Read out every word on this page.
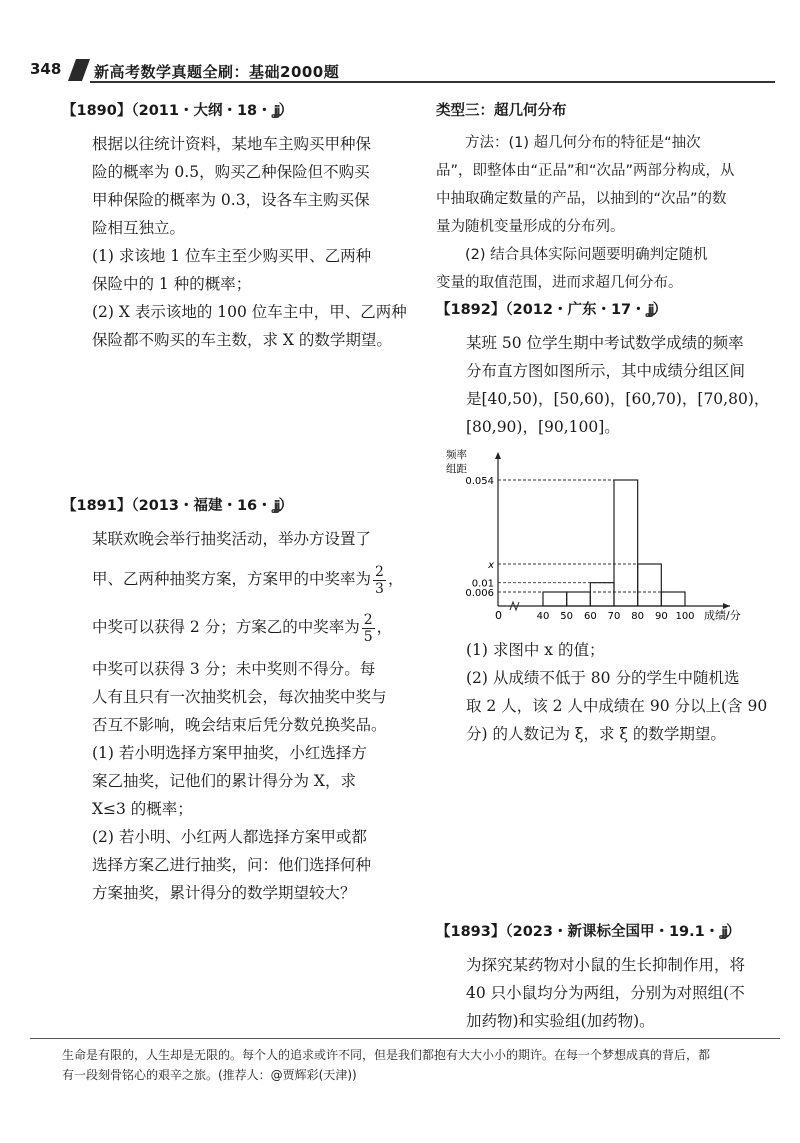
348 新高考数学真题全刷：基础2000题

【1890】（2011・大纲・18・ ʝʝ）

根据以往统计资料，某地车主购买甲种保

险的概率为 0.5，购买乙种保险但不购买

甲种保险的概率为 0.3，设各车主购买保

险相互独立。

(1) 求该地 1 位车主至少购买甲、乙两种

保险中的 1 种的概率；

(2) X 表示该地的 100 位车主中，甲、乙两种

保险都不购买的车主数，求 X 的数学期望。

【1891】（2013・福建・16・ ʝʝ）

某联欢晚会举行抽奖活动，举办方设置了

甲、乙两种抽奖方案，方案甲的中奖率为 $\frac{2}{3}$ ，

中奖可以获得 2 分；方案乙的中奖率为 $\frac{2}{5}$ ，

中奖可以获得 3 分；未中奖则不得分。每

人有且只有一次抽奖机会，每次抽奖中奖与

否互不影响，晚会结束后凭分数兑换奖品。

(1) 若小明选择方案甲抽奖，小红选择方

案乙抽奖，记他们的累计得分为 X，求

X≤3 的概率；

(2) 若小明、小红两人都选择方案甲或都

选择方案乙进行抽奖，问：他们选择何种

方案抽奖，累计得分的数学期望较大？

类型三：超几何分布

方法：(1) 超几何分布的特征是“抽次

品”，即整体由“正品”和“次品”两部分构成，从

中抽取确定数量的产品，以抽到的“次品”的数

量为随机变量形成的分布列。

(2) 结合具体实际问题要明确判定随机

变量的取值范围，进而求超几何分布。

【1892】（2012・广东・17・ ʝʝ）

某班 50 位学生期中考试数学成绩的频率

分布直方图如图所示，其中成绩分组区间

是[40,50)，[50,60)，[60,70)，[70,80)，

[80,90)，[90,100]。

0.006
0.01
x
0.054
40 50 60 70 80 90 100
频率
组距
成绩/分
0

(1) 求图中 x 的值；

(2) 从成绩不低于 80 分的学生中随机选

取 2 人，该 2 人中成绩在 90 分以上(含 90

分) 的人数记为 ξ，求 ξ 的数学期望。

【1893】（2023・新课标全国甲・19.1・ ʝʝ）

为探究某药物对小鼠的生长抑制作用，将

40 只小鼠均分为两组，分别为对照组(不

加药物)和实验组(加药物)。

生命是有限的，人生却是无限的。每个人的追求或许不同，但是我们都抱有大大小小的期许。在每一个梦想成真的背后，都
有一段刻骨铭心的艰辛之旅。(推荐人：@贾辉彩(天津))
